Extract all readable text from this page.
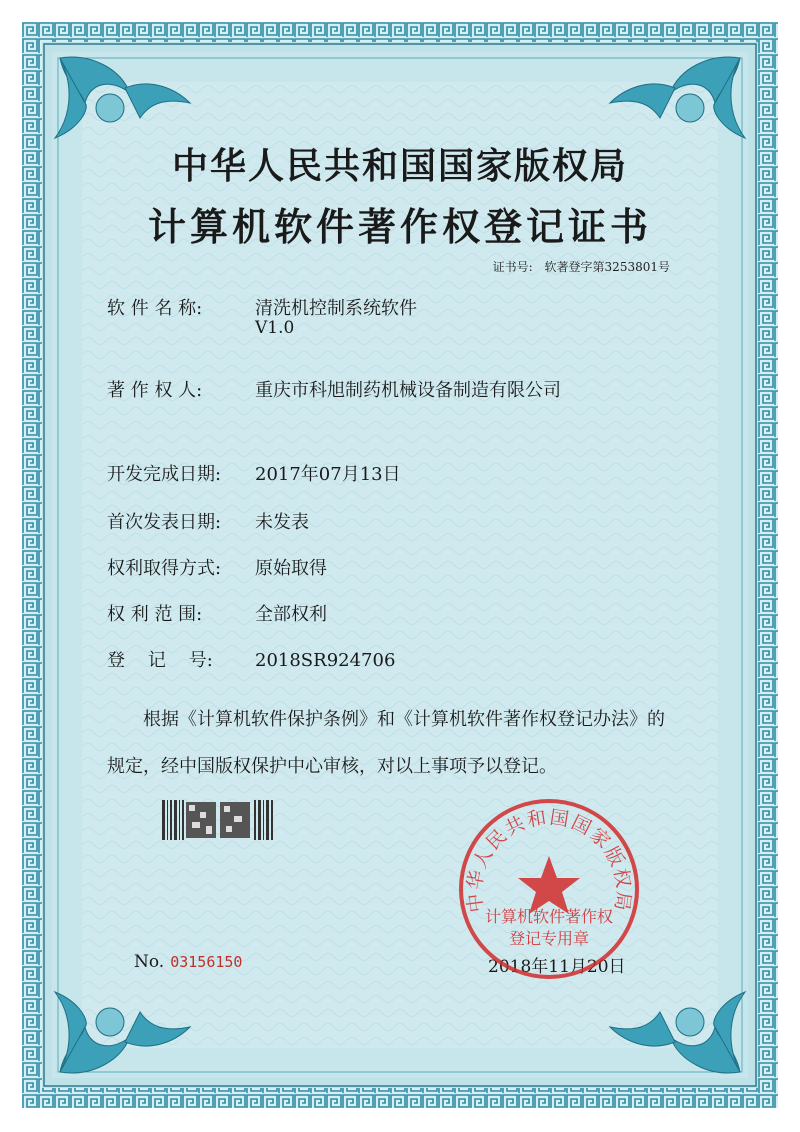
中华人民共和国国家版权局
计算机软件著作权登记证书
证书号: 软著登字第3253801号
软 件 名 称:	清洗机控制系统软件
V1.0
著 作 权 人:	重庆市科旭制药机械设备制造有限公司
开发完成日期: 2017年07月13日
首次发表日期: 未发表
权利取得方式: 原始取得
权 利 范 围:	全部权利
登    记    号: 2018SR924706
根据《计算机软件保护条例》和《计算机软件著作权登记办法》的
规定，经中国版权保护中心审核，对以上事项予以登记。
No. 03156150	2018年11月20日
中华人民共和国国家版权局
计算机软件著作权
登记专用章
